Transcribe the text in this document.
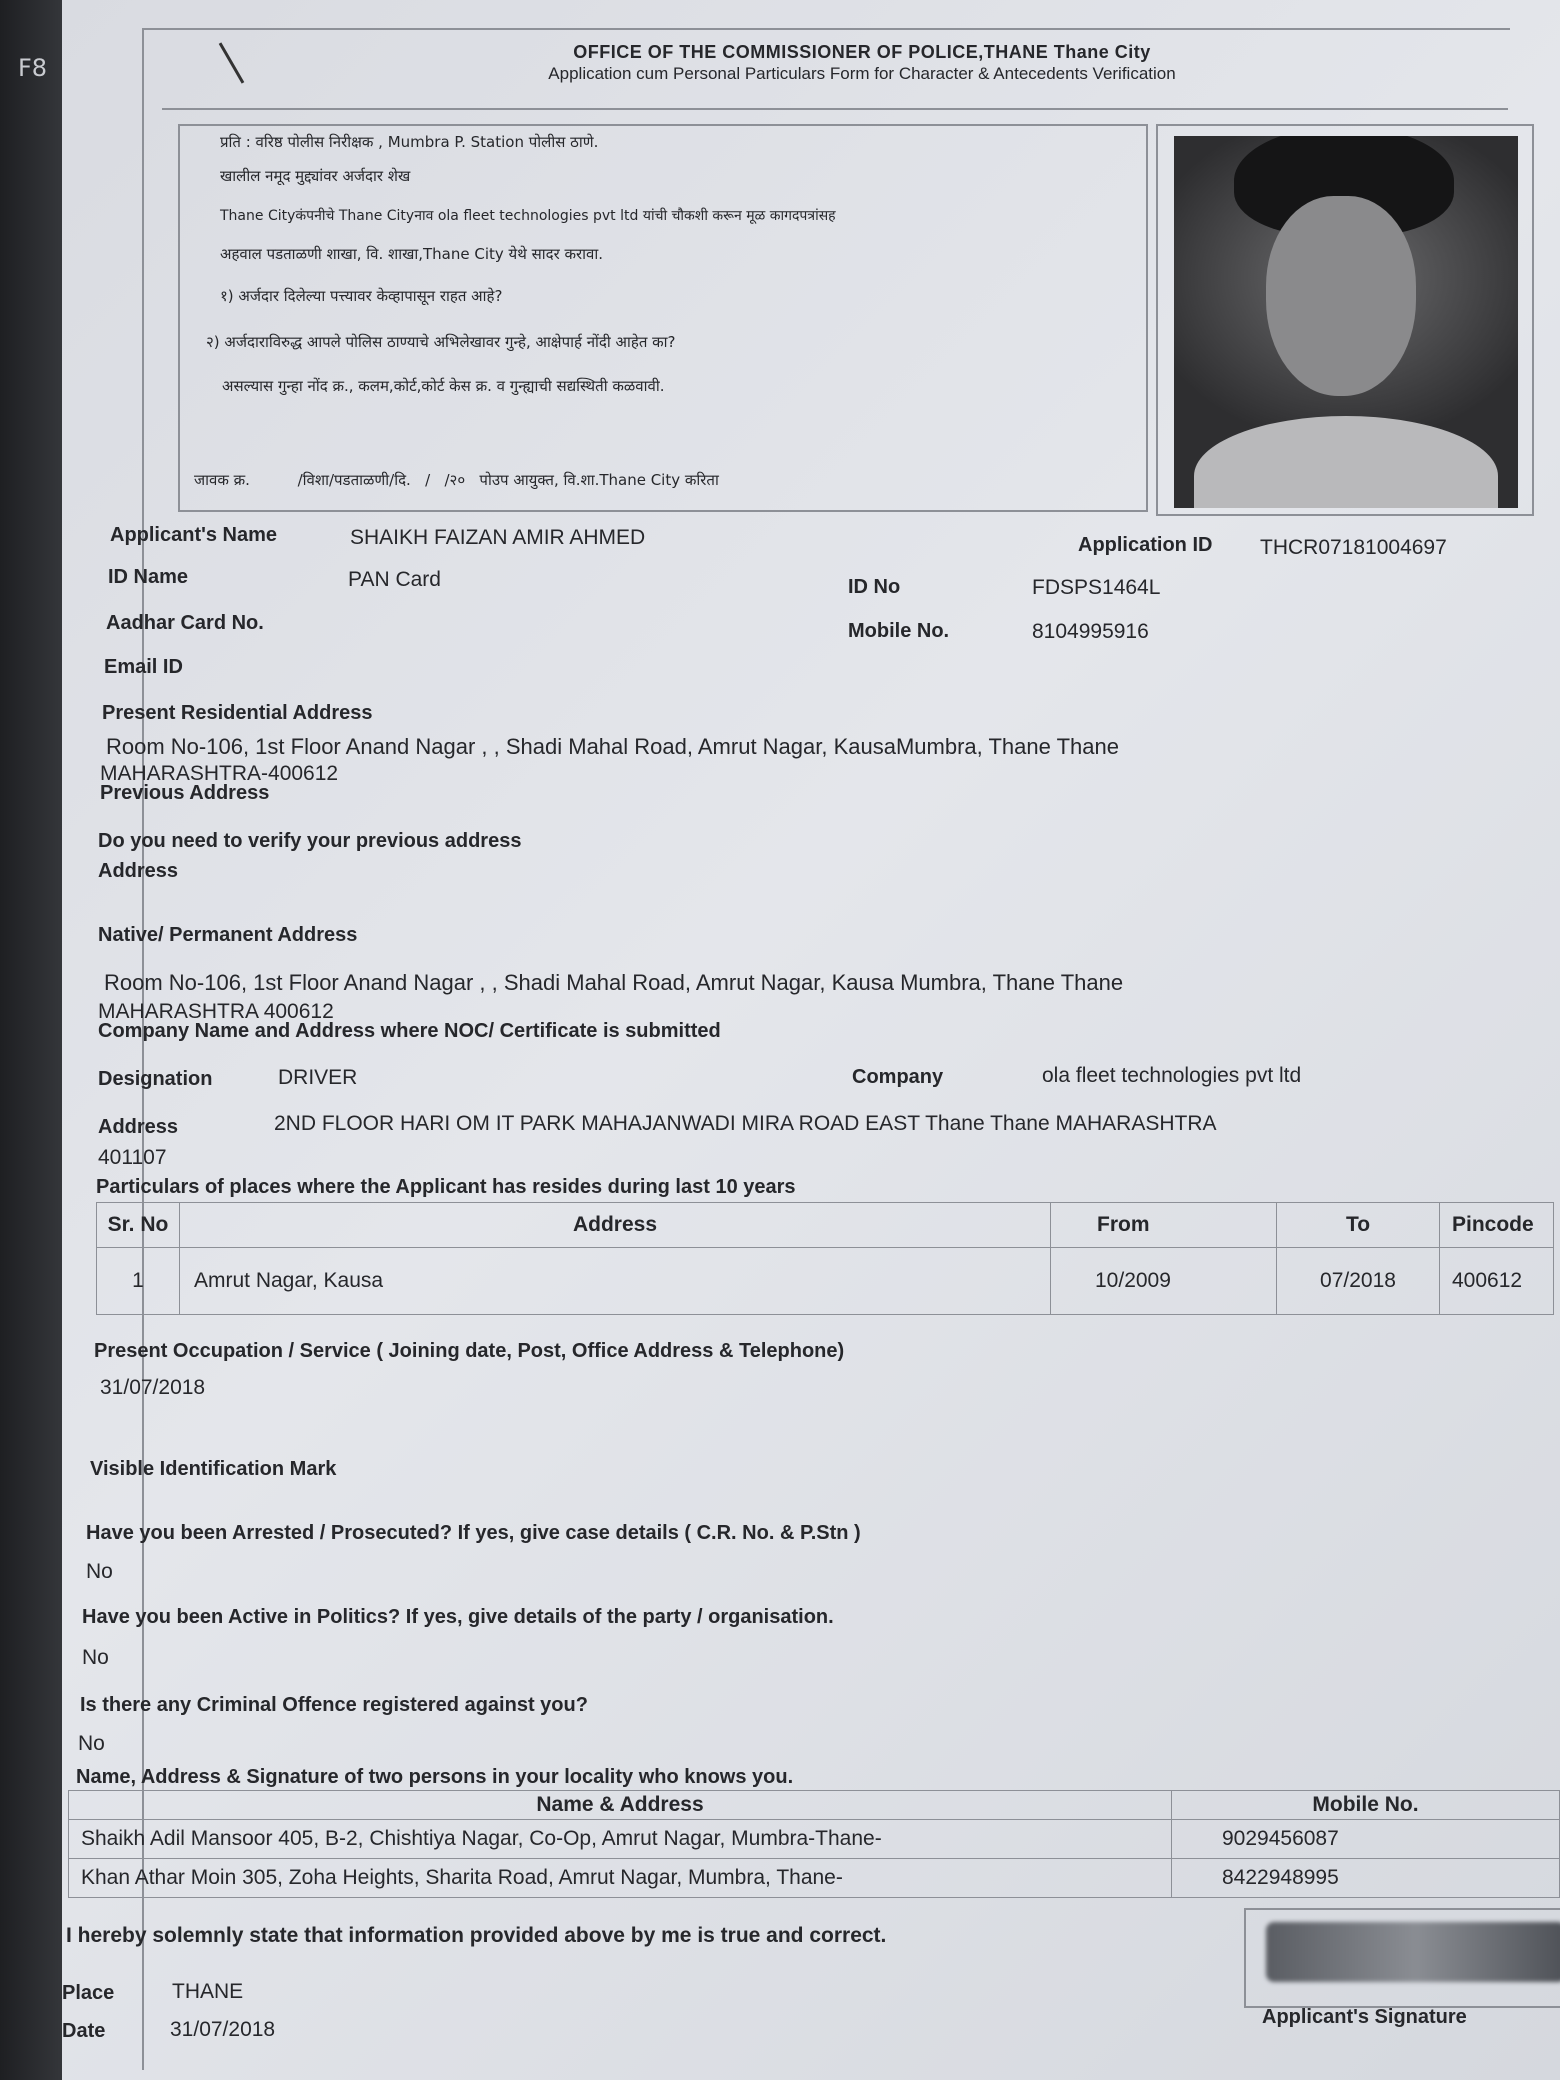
F8
OFFICE OF THE COMMISSIONER OF POLICE,THANE Thane City
Application cum Personal Particulars Form for Character & Antecedents Verification
प्रति : वरिष्ठ पोलीस निरीक्षक , Mumbra P. Station पोलीस ठाणे.
खालील नमूद मुद्द्यांवर अर्जदार शेख
Thane Cityकंपनीचे Thane Cityनाव ola fleet technologies pvt ltd यांची चौकशी करून मूळ कागदपत्रांसह
अहवाल पडताळणी शाखा, वि. शाखा,Thane City येथे सादर करावा.
१) अर्जदार दिलेल्या पत्त्यावर केव्हापासून राहत आहे?
२) अर्जदाराविरुद्ध आपले पोलिस ठाण्याचे अभिलेखावर गुन्हे, आक्षेपार्ह नोंदी आहेत का?
असल्यास गुन्हा नोंद क्र., कलम,कोर्ट,कोर्ट केस क्र. व गुन्ह्याची सद्यस्थिती कळवावी.
जावक क्र.          /विशा/पडताळणी/दि.   /   /२०   पोउप आयुक्त, वि.शा.Thane City करिता
Applicant's Name	SHAIKH FAIZAN AMIR AHMED	Application ID THCR07181004697
ID Name	PAN Card	ID No	FDSPS1464L
Aadhar Card No.	Mobile No.	8104995916
Email ID
Present Residential Address
Room No-106, 1st Floor Anand Nagar , , Shadi Mahal Road, Amrut Nagar, KausaMumbra, Thane Thane
MAHARASHTRA-400612
Previous Address
Do you need to verify your previous address
Address
Native/ Permanent Address
Room No-106, 1st Floor Anand Nagar , , Shadi Mahal Road, Amrut Nagar, Kausa Mumbra, Thane Thane
MAHARASHTRA 400612
Company Name and Address where NOC/ Certificate is submitted
Designation	DRIVER	Company	ola fleet technologies pvt ltd
Address	2ND FLOOR HARI OM IT PARK MAHAJANWADI MIRA ROAD EAST Thane Thane MAHARASHTRA
401107
Particulars of places where the Applicant has resides during last 10 years
Sr. No	Address	From	To	Pincode
1	Amrut Nagar, Kausa	10/2009	07/2018	400612
Present Occupation / Service ( Joining date, Post, Office Address & Telephone)
31/07/2018
Visible Identification Mark
Have you been Arrested / Prosecuted? If yes, give case details ( C.R. No. & P.Stn )
No
Have you been Active in Politics? If yes, give details of the party / organisation.
No
Is there any Criminal Offence registered against you?
No
Name, Address & Signature of two persons in your locality who knows you.
Name & Address	Mobile No.
Shaikh Adil Mansoor 405, B-2, Chishtiya Nagar, Co-Op, Amrut Nagar, Mumbra-Thane-	9029456087
Khan Athar Moin 305, Zoha Heights, Sharita Road, Amrut Nagar, Mumbra, Thane-	8422948995
I hereby solemnly state that information provided above by me is true and correct.
Place	THANE
Date	31/07/2018
Applicant's Signature
